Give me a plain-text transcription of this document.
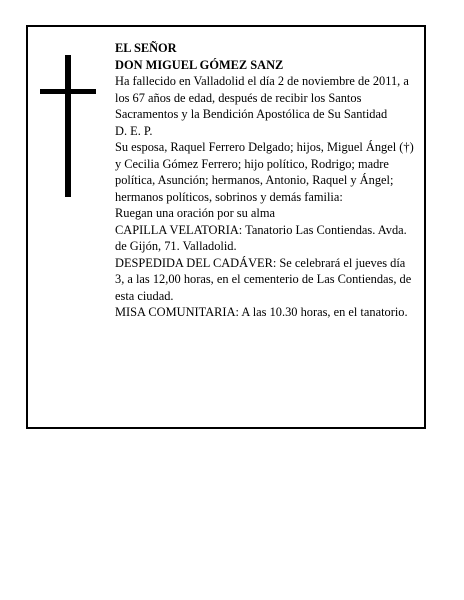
EL SEÑOR

DON MIGUEL GÓMEZ SANZ

Ha fallecido en Valladolid el día 2 de noviembre de 2011, a los 67 años de edad, después de recibir los Santos Sacramentos y la Bendición Apostólica de Su Santidad

D. E. P.

Su esposa, Raquel Ferrero Delgado; hijos, Miguel Ángel (†) y Cecilia Gómez Ferrero; hijo político, Rodrigo; madre política, Asunción; hermanos, Antonio, Raquel y Ángel; hermanos políticos, sobrinos y demás familia:

Ruegan una oración por su alma

CAPILLA VELATORIA: Tanatorio Las Contiendas. Avda. de Gijón, 71. Valladolid.

DESPEDIDA DEL CADÁVER: Se celebrará el jueves día 3, a las 12,00 horas, en el cementerio de Las Contiendas, de esta ciudad.

MISA COMUNITARIA: A las 10.30 horas, en el tanatorio.
